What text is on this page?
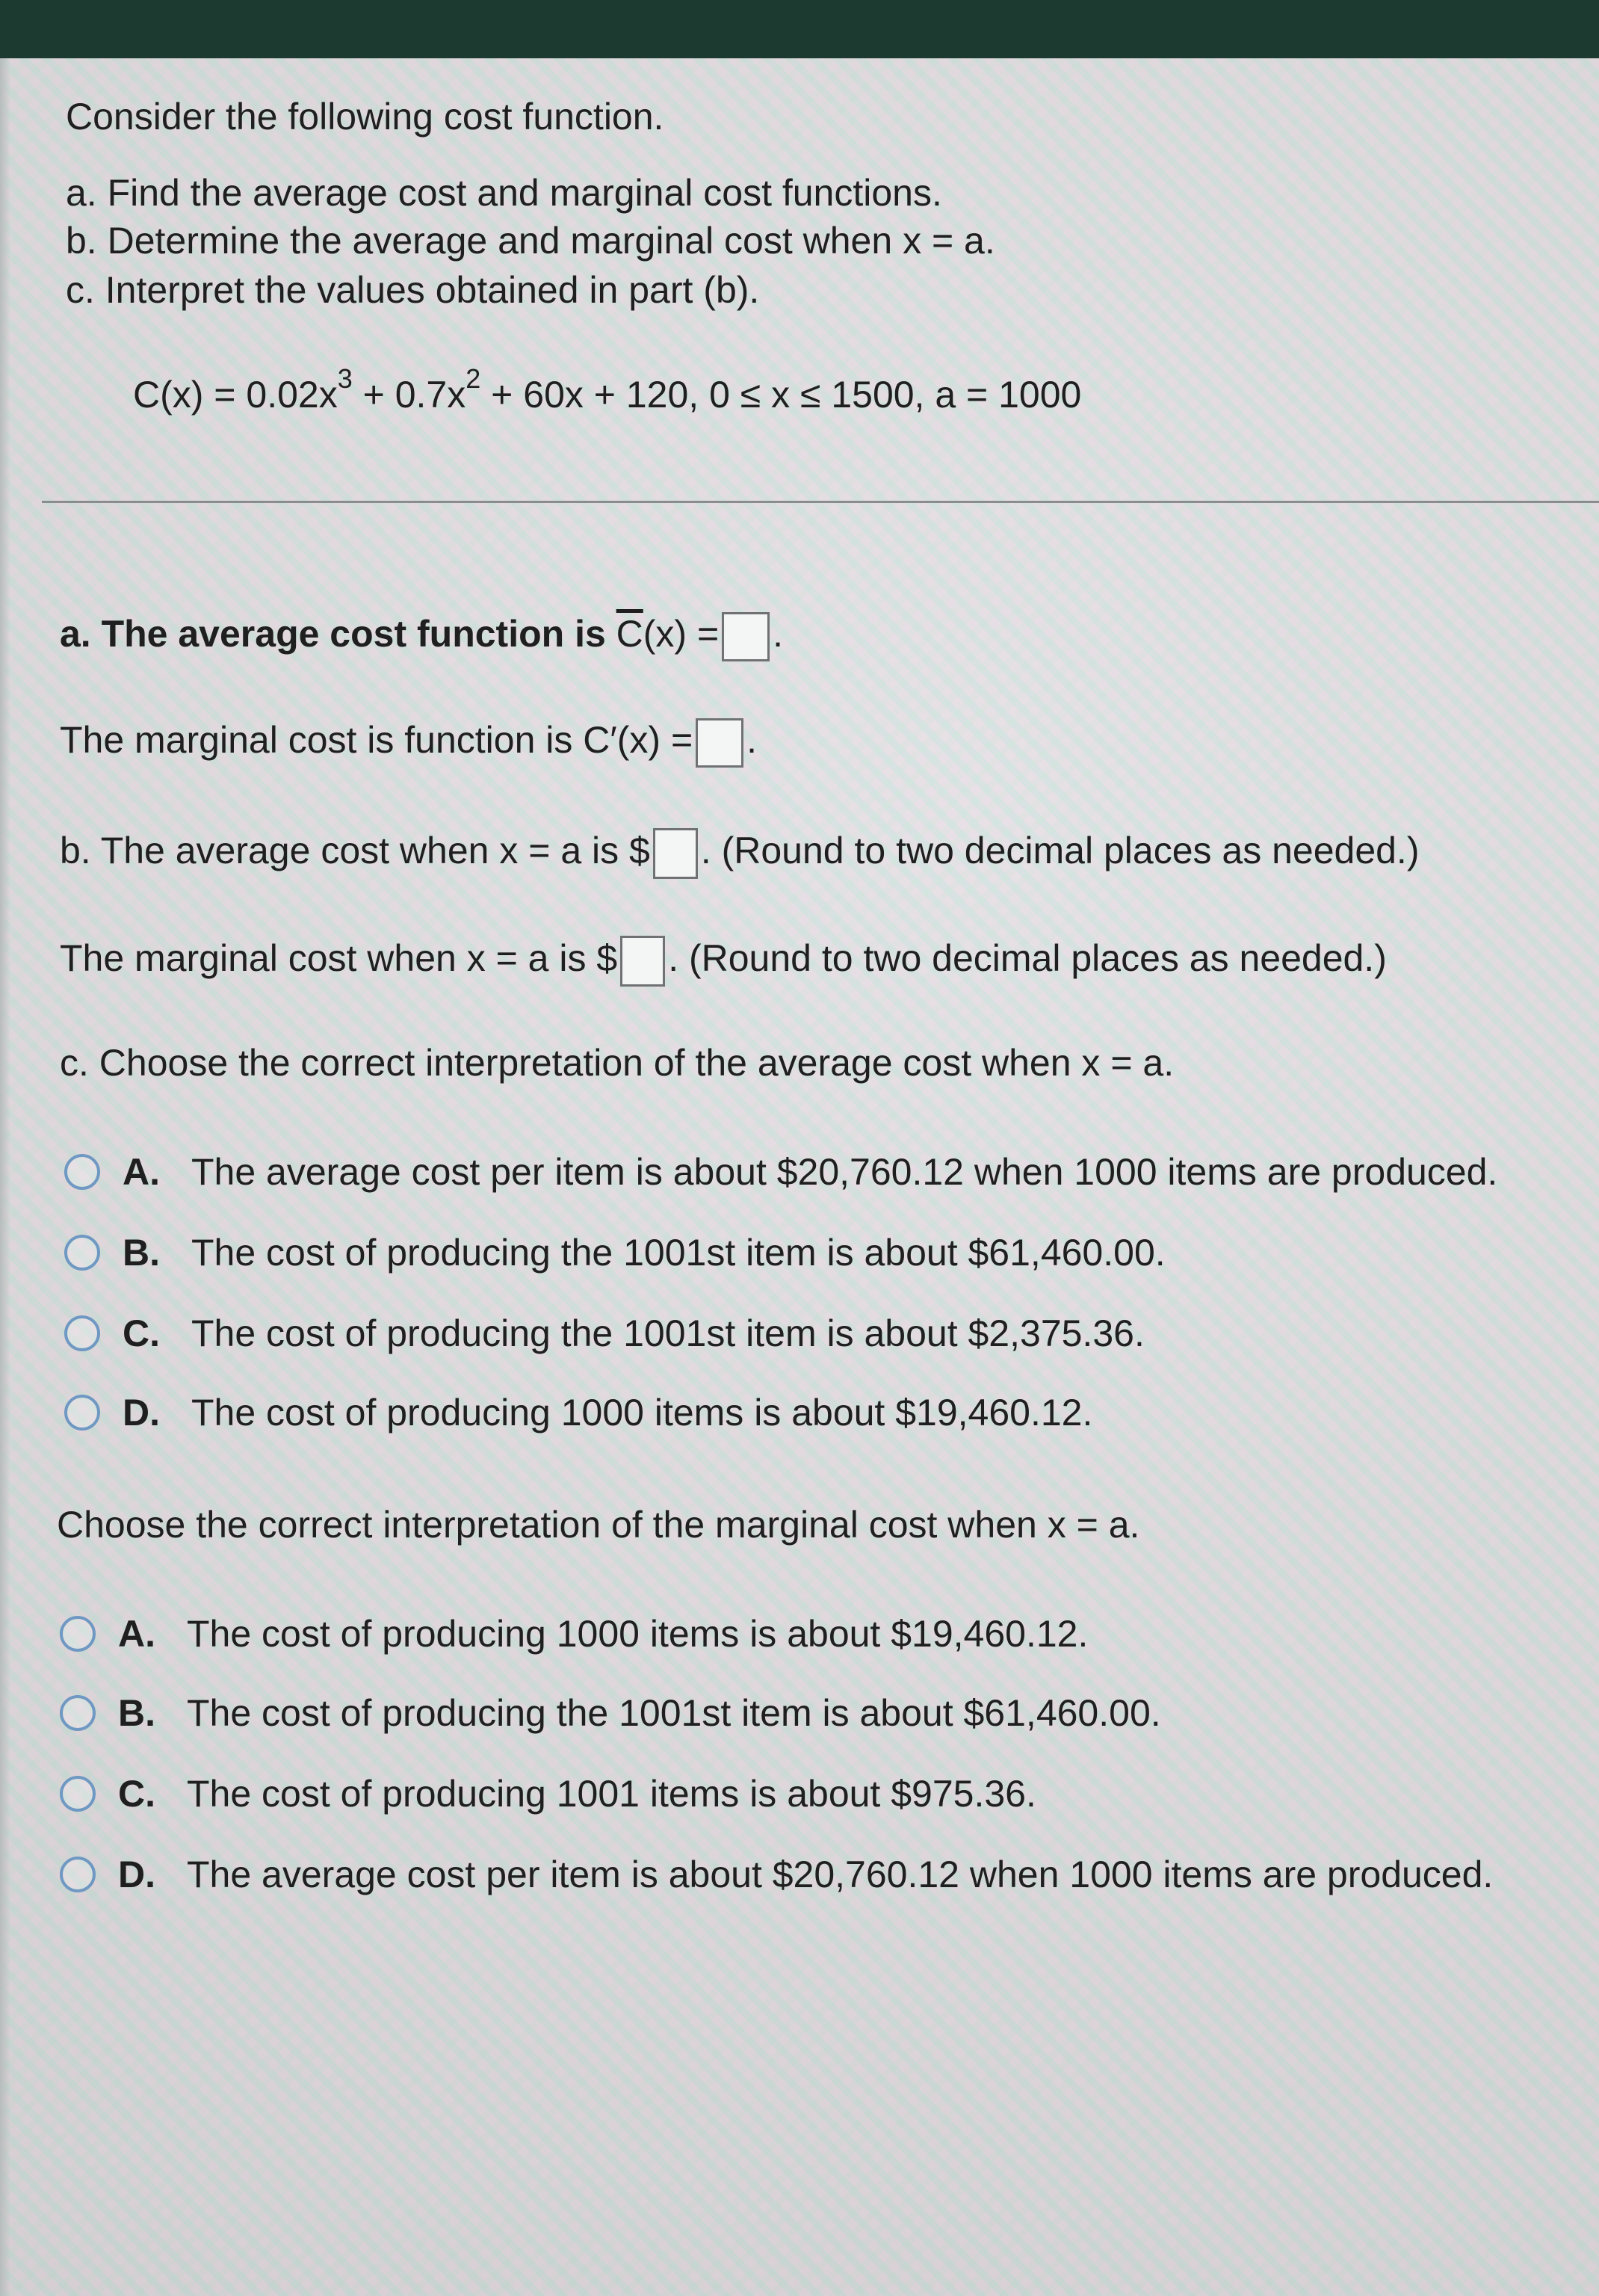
Consider the following cost function.

a. Find the average cost and marginal cost functions.

b. Determine the average and marginal cost when x = a.

c. Interpret the values obtained in part (b).

$C(x) = 0.02x^3 + 0.7x^2 + 60x + 120$, 0 ≤ x ≤ 1500, a = 1000

a. The average cost function is $\overline{C}(x)$ = .

The marginal cost is function is C′(x) = .

b. The average cost when x = a is $ . (Round to two decimal places as needed.)

The marginal cost when x = a is $ . (Round to two decimal places as needed.)

c. Choose the correct interpretation of the average cost when x = a.

A. The average cost per item is about $20,760.12 when 1000 items are produced.
B. The cost of producing the 1001st item is about $61,460.00.
C. The cost of producing the 1001st item is about $2,375.36.
D. The cost of producing 1000 items is about $19,460.12.

Choose the correct interpretation of the marginal cost when x = a.

A. The cost of producing 1000 items is about $19,460.12.
B. The cost of producing the 1001st item is about $61,460.00.
C. The cost of producing 1001 items is about $975.36.
D. The average cost per item is about $20,760.12 when 1000 items are produced.
